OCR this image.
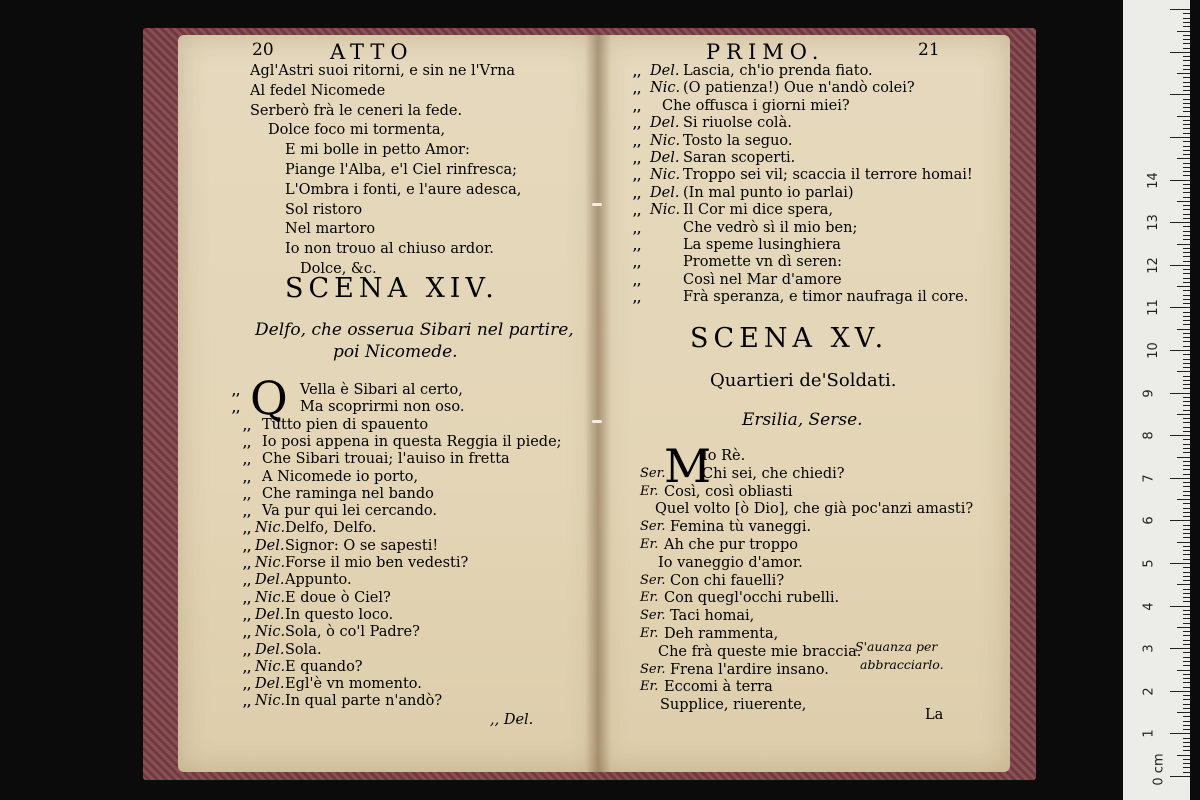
20	ATTO
Agl'Astri suoi ritorni, e sin ne l'Vrna
Al fedel Nicomede
Serberò frà le ceneri la fede.
Dolce foco mi tormenta,
E mi bolle in petto Amor:
Piange l'Alba, e'l Ciel rinfresca;
L'Ombra i fonti, e l'aure adesca,
Sol ristoro
Nel martoro
Io non trouo al chiuso ardor.
Dolce, &c.
SCENA XIV.
Delfo, che osserua Sibari nel partire,
poi Nicomede.
Q
,,	Vella è Sibari al certo,
,,	Ma scoprirmi non oso.
,, Tutto pien di spauento
,, Io posi appena in questa Reggia il piede;
,, Che Sibari trouai; l'auiso in fretta
,, A Nicomede io porto,
,, Che raminga nel bando
,, Va pur qui lei cercando.
,, Nic. Delfo, Delfo.
,, Del. Signor: O se sapesti!
,, Nic. Forse il mio ben vedesti?
,, Del. Appunto.
,, Nic. E doue ò Ciel?
,, Del. In questo loco.
,, Nic. Sola, ò co'l Padre?
,, Del. Sola.
,, Nic. E quando?
,, Del. Egl'è vn momento.
,, Nic. In qual parte n'andò?
,, Del.
PRIMO.	21
,, Del. Lascia, ch'io prenda fiato.
,, Nic. (O patienza!) Oue n'andò colei?
,, Che offusca i giorni miei?
,, Del. Si riuolse colà.
,, Nic. Tosto la seguo.
,, Del. Saran scoperti.
,, Nic. Troppo sei vil; scaccia il terrore homai!
,, Del. (In mal punto io parlai)
,, Nic. Il Cor mi dice spera,
,,	Che vedrò sì il mio ben;
,,	La speme lusinghiera
,,	Promette vn dì seren:
,,	Così nel Mar d'amore
,,	Frà speranza, e timor naufraga il core.
SCENA XV.
Quartieri de'Soldati.
Ersilia, Serse.
M
Io Rè.
Ser.	Chi sei, che chiedi?
Er. Così, così obliasti
Quel volto [ò Dio], che già poc'anzi amasti?
Ser. Femina tù vaneggi.
Er. Ah che pur troppo
Io vaneggio d'amor.
Ser. Con chi fauelli?
Er. Con quegl'occhi rubelli.
Ser. Taci homai,
Er. Deh rammenta,
Che frà queste mie braccia.
Ser. Frena l'ardire insano.
Er. Eccomi à terra
Supplice, riuerente,
S'auanza per
abbracciarlo.
La
0 cm
1
2
3
4
5
6
7
8
9
10
11
12
13
14
